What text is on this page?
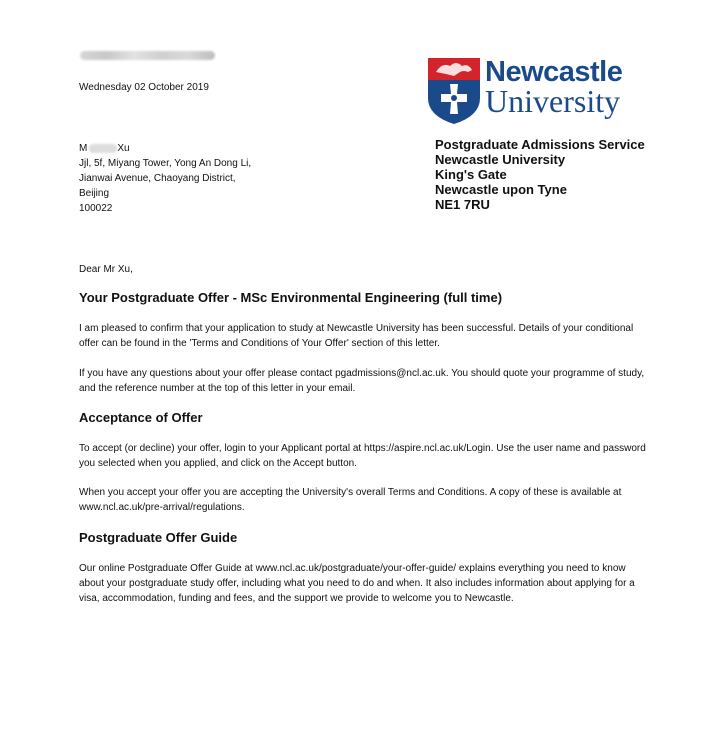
Wednesday 02 October 2019	Newcastle
University
Postgraduate Admissions Service
Newcastle University
King's Gate
Newcastle upon Tyne
NE1 7RU
M	Xu
Jjl, 5f, Miyang Tower, Yong An Dong Li,
Jianwai Avenue, Chaoyang District,
Beijing
100022
Dear Mr Xu,
Your Postgraduate Offer - MSc Environmental Engineering (full time)

I am pleased to confirm that your application to study at Newcastle University has been successful. Details of your conditional offer can be found in the 'Terms and Conditions of Your Offer' section of this letter.

If you have any questions about your offer please contact pgadmissions@ncl.ac.uk. You should quote your programme of study, and the reference number at the top of this letter in your email.

Acceptance of Offer

To accept (or decline) your offer, login to your Applicant portal at https://aspire.ncl.ac.uk/Login. Use the user name and password you selected when you applied, and click on the Accept button.

When you accept your offer you are accepting the University's overall Terms and Conditions. A copy of these is available at www.ncl.ac.uk/pre-arrival/regulations.

Postgraduate Offer Guide

Our online Postgraduate Offer Guide at www.ncl.ac.uk/postgraduate/your-offer-guide/ explains everything you need to know about your postgraduate study offer, including what you need to do and when. It also includes information about applying for a visa, accommodation, funding and fees, and the support we provide to welcome you to Newcastle.
